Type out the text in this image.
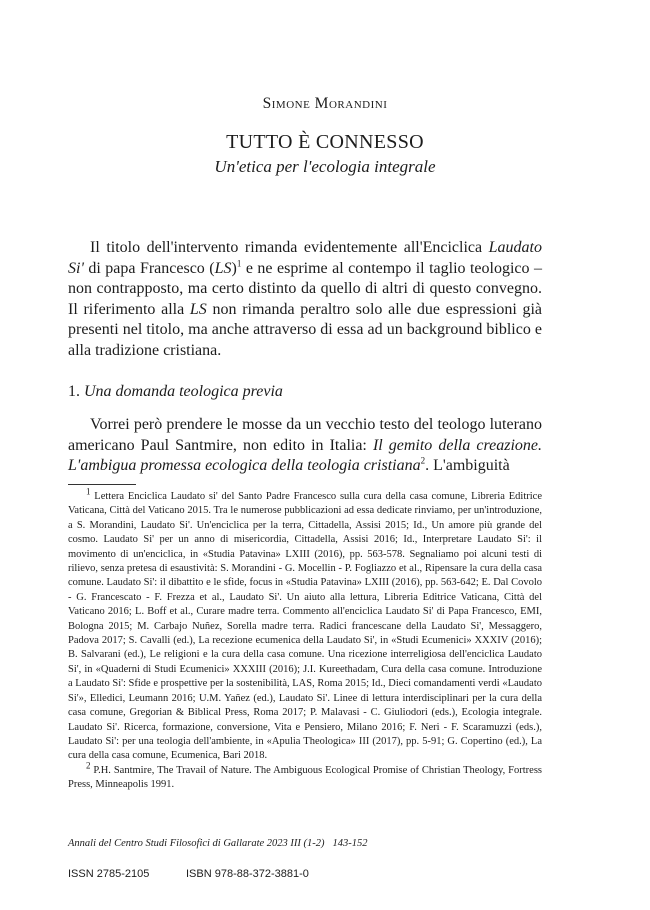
Simone Morandini
TUTTO È CONNESSO
Un'etica per l'ecologia integrale

Il titolo dell'intervento rimanda evidentemente all'Enciclica Laudato Si' di papa Francesco (LS)$^1$ e ne esprime al contempo il taglio teologico – non contrapposto, ma certo distinto da quello di altri di questo convegno. Il riferimento alla LS non rimanda peraltro solo alle due espressioni già presenti nel titolo, ma anche attraverso di essa ad un background biblico e alla tradizione cristiana.

1. Una domanda teologica previa

Vorrei però prendere le mosse da un vecchio testo del teologo luterano americano Paul Santmire, non edito in Italia: Il gemito della creazione. L'ambigua promessa ecologica della teologia cristiana$^2$. L'ambiguità

$^1$ Lettera Enciclica Laudato si' del Santo Padre Francesco sulla cura della casa comune, Libreria Editrice Vaticana, Città del Vaticano 2015. Tra le numerose pubblicazioni ad essa dedicate rinviamo, per un'introduzione, a S. Morandini, Laudato Si'. Un'enciclica per la terra, Cittadella, Assisi 2015; Id., Un amore più grande del cosmo. Laudato Si' per un anno di misericordia, Cittadella, Assisi 2016; Id., Interpretare Laudato Si': il movimento di un'enciclica, in «Studia Patavina» LXIII (2016), pp. 563-578. Segnaliamo poi alcuni testi di rilievo, senza pretesa di esaustività: S. Morandini - G. Mocellin - P. Fogliazzo et al., Ripensare la cura della casa comune. Laudato Si': il dibattito e le sfide, focus in «Studia Patavina» LXIII (2016), pp. 563-642; E. Dal Covolo - G. Francescato - F. Frezza et al., Laudato Si'. Un aiuto alla lettura, Libreria Editrice Vaticana, Città del Vaticano 2016; L. Boff et al., Curare madre terra. Commento all'enciclica Laudato Si' di Papa Francesco, EMI, Bologna 2015; M. Carbajo Nuñez, Sorella madre terra. Radici francescane della Laudato Si', Messaggero, Padova 2017; S. Cavalli (ed.), La recezione ecumenica della Laudato Si', in «Studi Ecumenici» XXXIV (2016); B. Salvarani (ed.), Le religioni e la cura della casa comune. Una ricezione interreligiosa dell'enciclica Laudato Si', in «Quaderni di Studi Ecumenici» XXXIII (2016); J.I. Kureethadam, Cura della casa comune. Introduzione a Laudato Si': Sfide e prospettive per la sostenibilità, LAS, Roma 2015; Id., Dieci comandamenti verdi «Laudato Si'», Elledici, Leumann 2016; U.M. Yañez (ed.), Laudato Si'. Linee di lettura interdisciplinari per la cura della casa comune, Gregorian & Biblical Press, Roma 2017; P. Malavasi - C. Giuliodori (eds.), Ecologia integrale. Laudato Si'. Ricerca, formazione, conversione, Vita e Pensiero, Milano 2016; F. Neri - F. Scaramuzzi (eds.), Laudato Si': per una teologia dell'ambiente, in «Apulia Theologica» III (2017), pp. 5-91; G. Copertino (ed.), La cura della casa comune, Ecumenica, Bari 2018.

$^2$ P.H. Santmire, The Travail of Nature. The Ambiguous Ecological Promise of Christian Theology, Fortress Press, Minneapolis 1991.

Annali del Centro Studi Filosofici di Gallarate 2023 III (1-2) 143-152
ISSN 2785-2105	ISBN 978-88-372-3881-0
